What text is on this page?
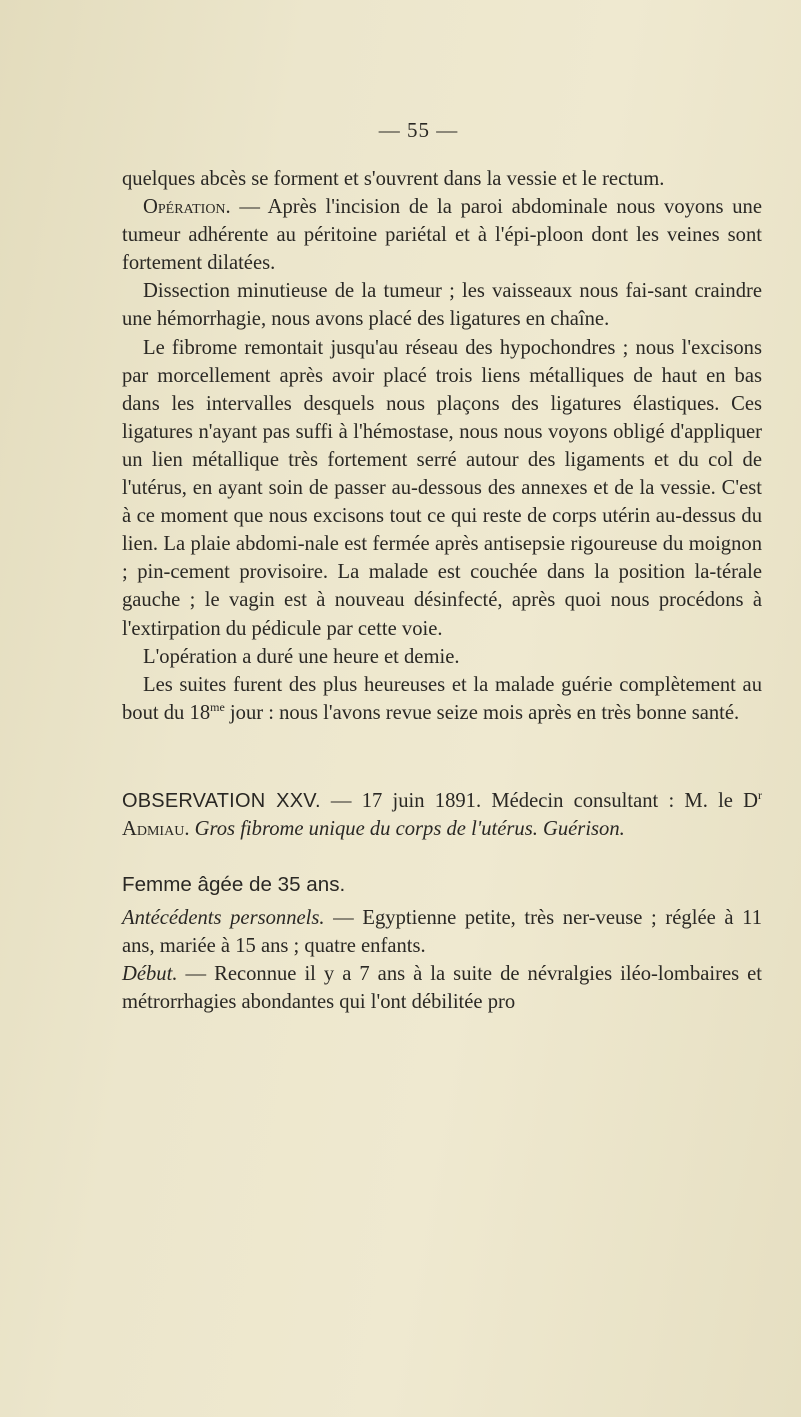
— 55 —

quelques abcès se forment et s'ouvrent dans la vessie et le rectum.

Opération. — Après l'incision de la paroi abdominale nous voyons une tumeur adhérente au péritoine pariétal et à l'épi-ploon dont les veines sont fortement dilatées.

Dissection minutieuse de la tumeur ; les vaisseaux nous fai-sant craindre une hémorrhagie, nous avons placé des ligatures en chaîne.

Le fibrome remontait jusqu'au réseau des hypochondres ; nous l'excisons par morcellement après avoir placé trois liens métalliques de haut en bas dans les intervalles desquels nous plaçons des ligatures élastiques. Ces ligatures n'ayant pas suffi à l'hémostase, nous nous voyons obligé d'appliquer un lien métallique très fortement serré autour des ligaments et du col de l'utérus, en ayant soin de passer au-dessous des annexes et de la vessie. C'est à ce moment que nous excisons tout ce qui reste de corps utérin au-dessus du lien. La plaie abdomi-nale est fermée après antisepsie rigoureuse du moignon ; pin-cement provisoire. La malade est couchée dans la position la-térale gauche ; le vagin est à nouveau désinfecté, après quoi nous procédons à l'extirpation du pédicule par cette voie.

L'opération a duré une heure et demie.

Les suites furent des plus heureuses et la malade guérie complètement au bout du $18^{me}$ jour : nous l'avons revue seize mois après en très bonne santé.

OBSERVATION XXV. — 17 juin 1891. Médecin consultant : M. le $D^r$ Admiau. Gros fibrome unique du corps de l'utérus. Guérison.

Femme âgée de 35 ans.

Antécédents personnels. — Egyptienne petite, très ner-veuse ; réglée à 11 ans, mariée à 15 ans ; quatre enfants.

Début. — Reconnue il y a 7 ans à la suite de névralgies iléo-lombaires et métrorrhagies abondantes qui l'ont débilitée pro
